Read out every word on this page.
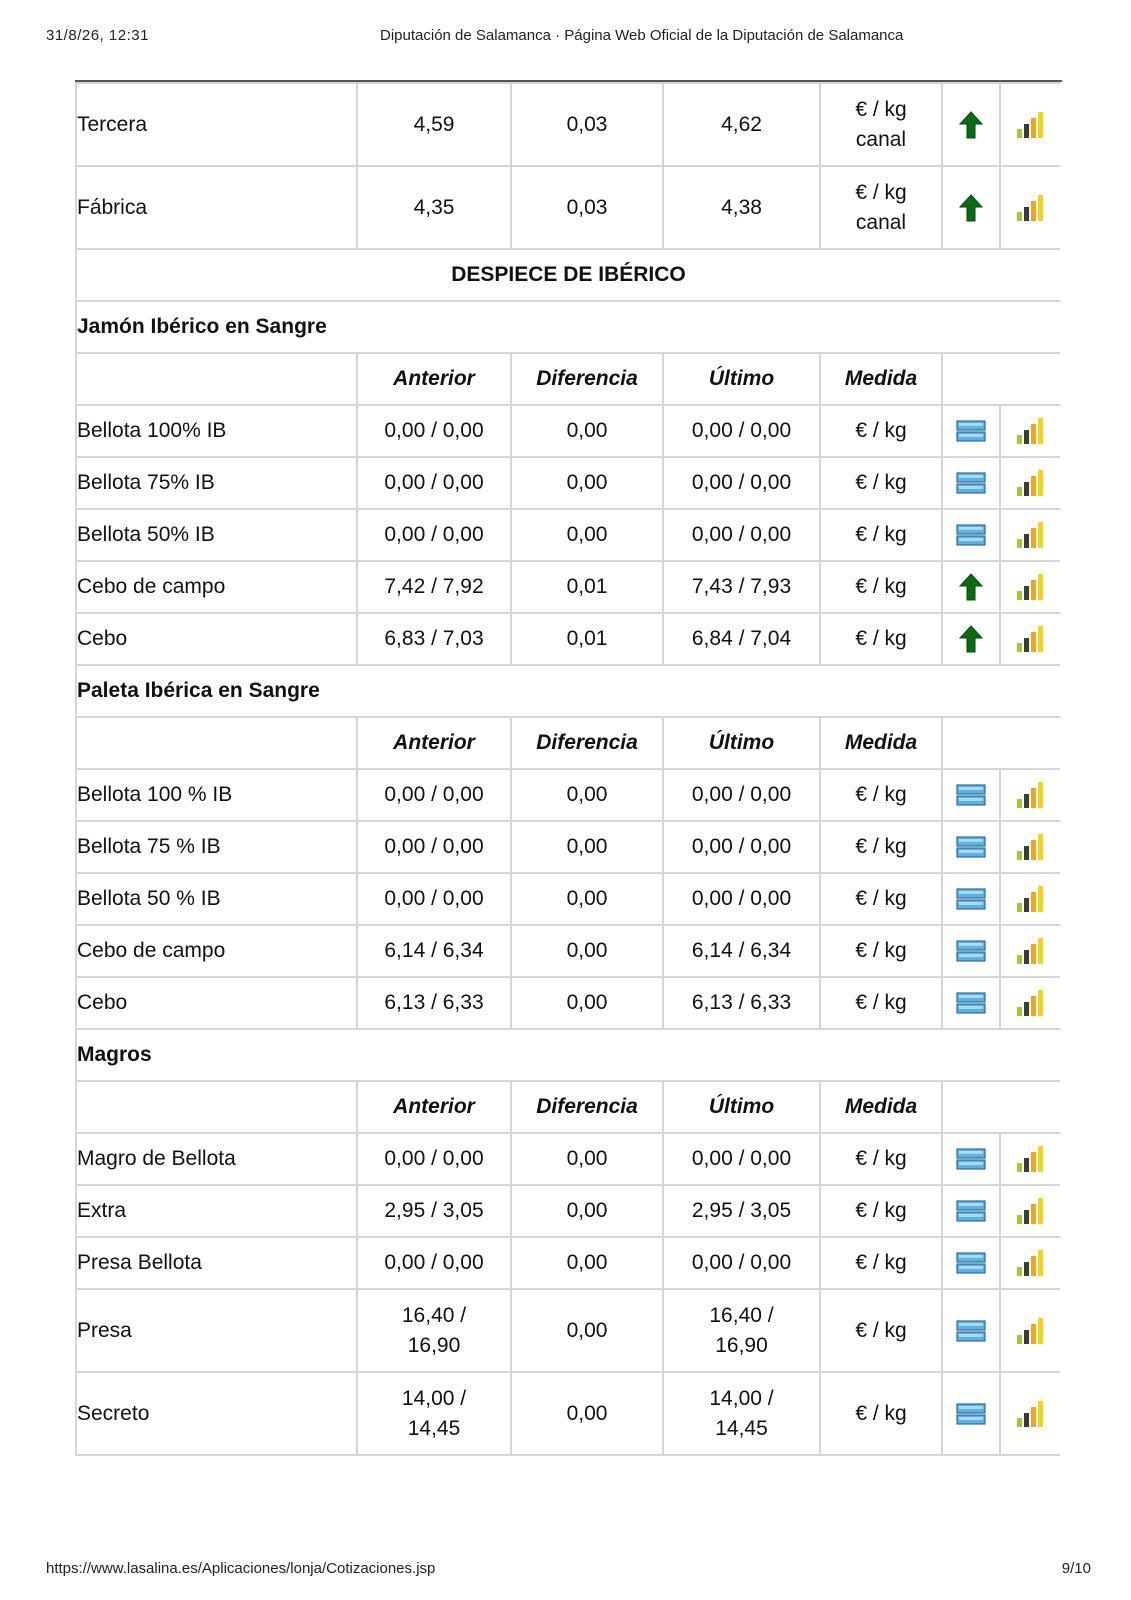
31/8/26, 12:31	Diputación de Salamanca · Página Web Oficial de la Diputación de Salamanca
Tercera	4,59	0,03	4,62	€ / kg
canal		
Fábrica	4,35	0,03	4,38	€ / kg
canal		
DESPIECE DE IBÉRICO						
Jamón Ibérico en Sangre						
	Anterior	Diferencia	Último	Medida		
Bellota 100% IB	0,00 / 0,00	0,00	0,00 / 0,00	€ / kg		
Bellota 75% IB	0,00 / 0,00	0,00	0,00 / 0,00	€ / kg		
Bellota 50% IB	0,00 / 0,00	0,00	0,00 / 0,00	€ / kg		
Cebo de campo	7,42 / 7,92	0,01	7,43 / 7,93	€ / kg		
Cebo	6,83 / 7,03	0,01	6,84 / 7,04	€ / kg		
Paleta Ibérica en Sangre						
	Anterior	Diferencia	Último	Medida		
Bellota 100 % IB	0,00 / 0,00	0,00	0,00 / 0,00	€ / kg		
Bellota 75 % IB	0,00 / 0,00	0,00	0,00 / 0,00	€ / kg		
Bellota 50 % IB	0,00 / 0,00	0,00	0,00 / 0,00	€ / kg		
Cebo de campo	6,14 / 6,34	0,00	6,14 / 6,34	€ / kg		
Cebo	6,13 / 6,33	0,00	6,13 / 6,33	€ / kg		
Magros						
	Anterior	Diferencia	Último	Medida		
Magro de Bellota	0,00 / 0,00	0,00	0,00 / 0,00	€ / kg		
Extra	2,95 / 3,05	0,00	2,95 / 3,05	€ / kg		
Presa Bellota	0,00 / 0,00	0,00	0,00 / 0,00	€ / kg		
Presa	16,40 / 16,90	0,00	16,40 / 16,90	€ / kg		
Secreto	14,00 / 14,45	0,00	14,00 / 14,45	€ / kg		
https://www.lasalina.es/Aplicaciones/lonja/Cotizaciones.jsp	9/10
